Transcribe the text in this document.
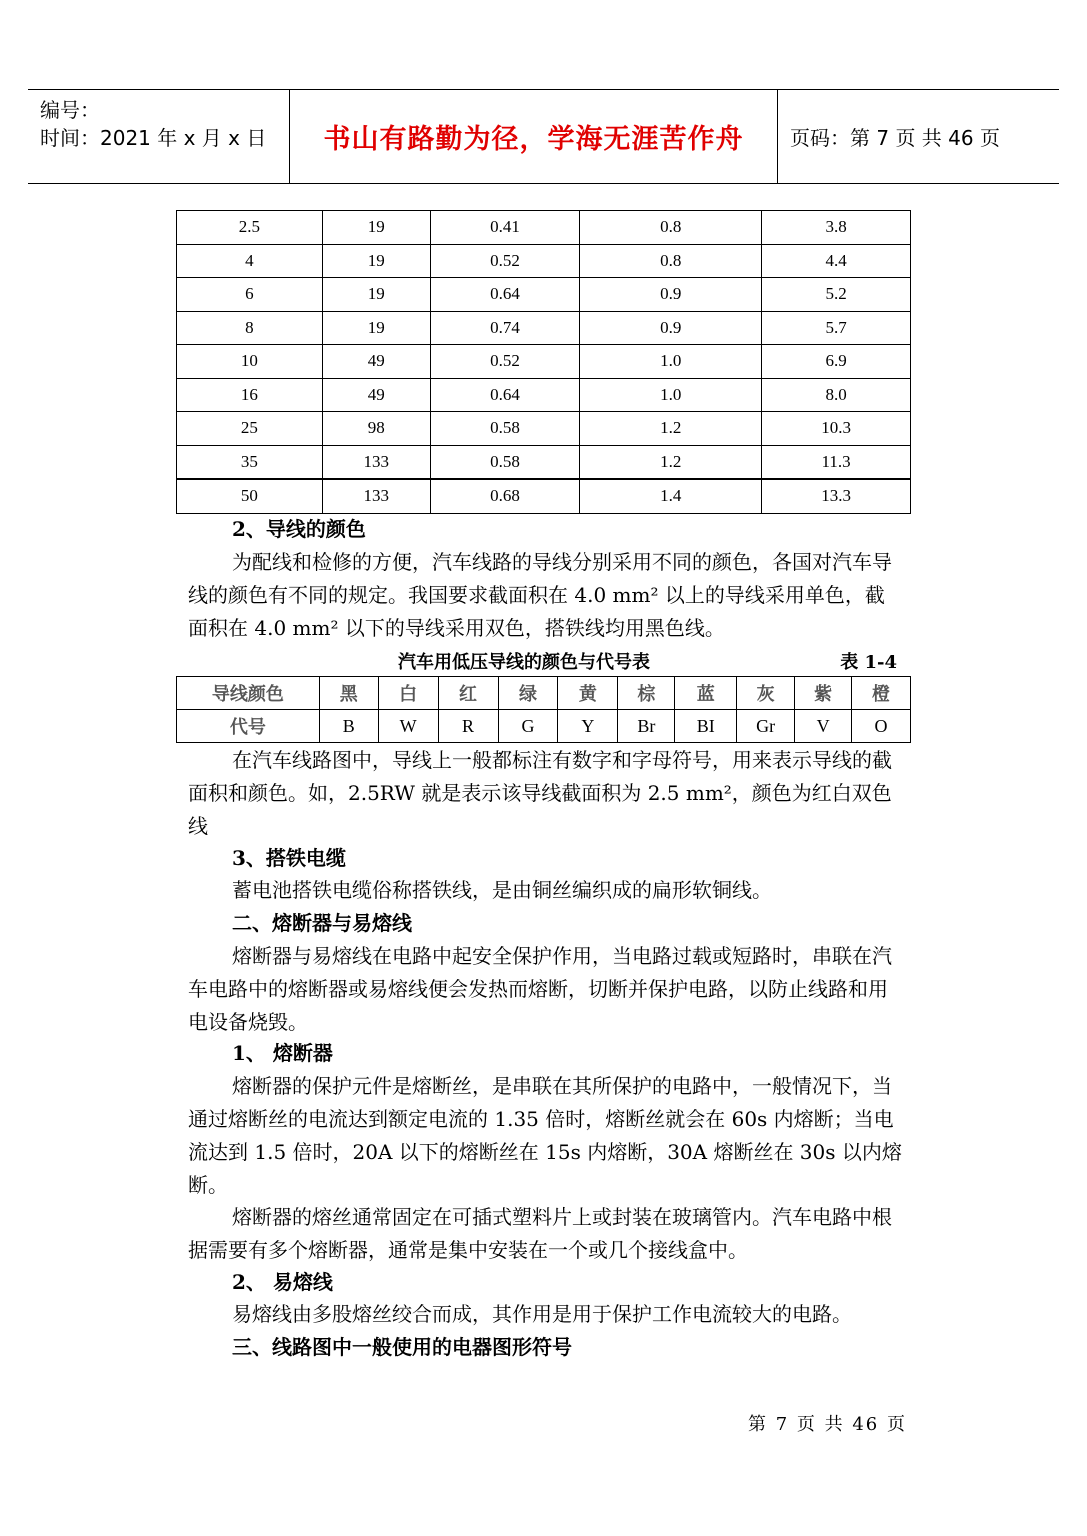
编号：
时间：2021 年 x 月 x 日 书山有路勤为径，学海无涯苦作舟 页码：第 7 页 共 46 页
2.5	19	0.41	0.8	3.8
4	19	0.52	0.8	4.4
6	19	0.64	0.9	5.2
8	19	0.74	0.9	5.7
10	49	0.52	1.0	6.9
16	49	0.64	1.0	8.0
25	98	0.58	1.2	10.3
35	133	0.58	1.2	11.3
50	133	0.68	1.4	13.3
2、导线的颜色

为配线和检修的方便，汽车线路的导线分别采用不同的颜色，各国对汽车导线的颜色有不同的规定。我国要求截面积在 4.0 mm² 以上的导线采用单色，截面积在 4.0 mm² 以下的导线采用双色，搭铁线均用黑色线。

汽车用低压导线的颜色与代号表	表 1-4
导线颜色	黑	白	红	绿	黄	棕	蓝	灰	紫	橙
代号	B	W	R	G	Y	Br	BI	Gr	V	O

在汽车线路图中，导线上一般都标注有数字和字母符号，用来表示导线的截面积和颜色。如，2.5RW 就是表示该导线截面积为 2.5 mm²，颜色为红白双色线

3、搭铁电缆

蓄电池搭铁电缆俗称搭铁线，是由铜丝编织成的扁形软铜线。

二、熔断器与易熔线

熔断器与易熔线在电路中起安全保护作用，当电路过载或短路时，串联在汽车电路中的熔断器或易熔线便会发热而熔断，切断并保护电路，以防止线路和用电设备烧毁。

1、 熔断器

熔断器的保护元件是熔断丝，是串联在其所保护的电路中，一般情况下，当通过熔断丝的电流达到额定电流的 1.35 倍时，熔断丝就会在 60s 内熔断；当电流达到 1.5 倍时，20A 以下的熔断丝在 15s 内熔断，30A 熔断丝在 30s 以内熔断。

熔断器的熔丝通常固定在可插式塑料片上或封装在玻璃管内。汽车电路中根据需要有多个熔断器，通常是集中安装在一个或几个接线盒中。

2、 易熔线

易熔线由多股熔丝绞合而成，其作用是用于保护工作电流较大的电路。

三、线路图中一般使用的电器图形符号
第 7 页 共 46 页
